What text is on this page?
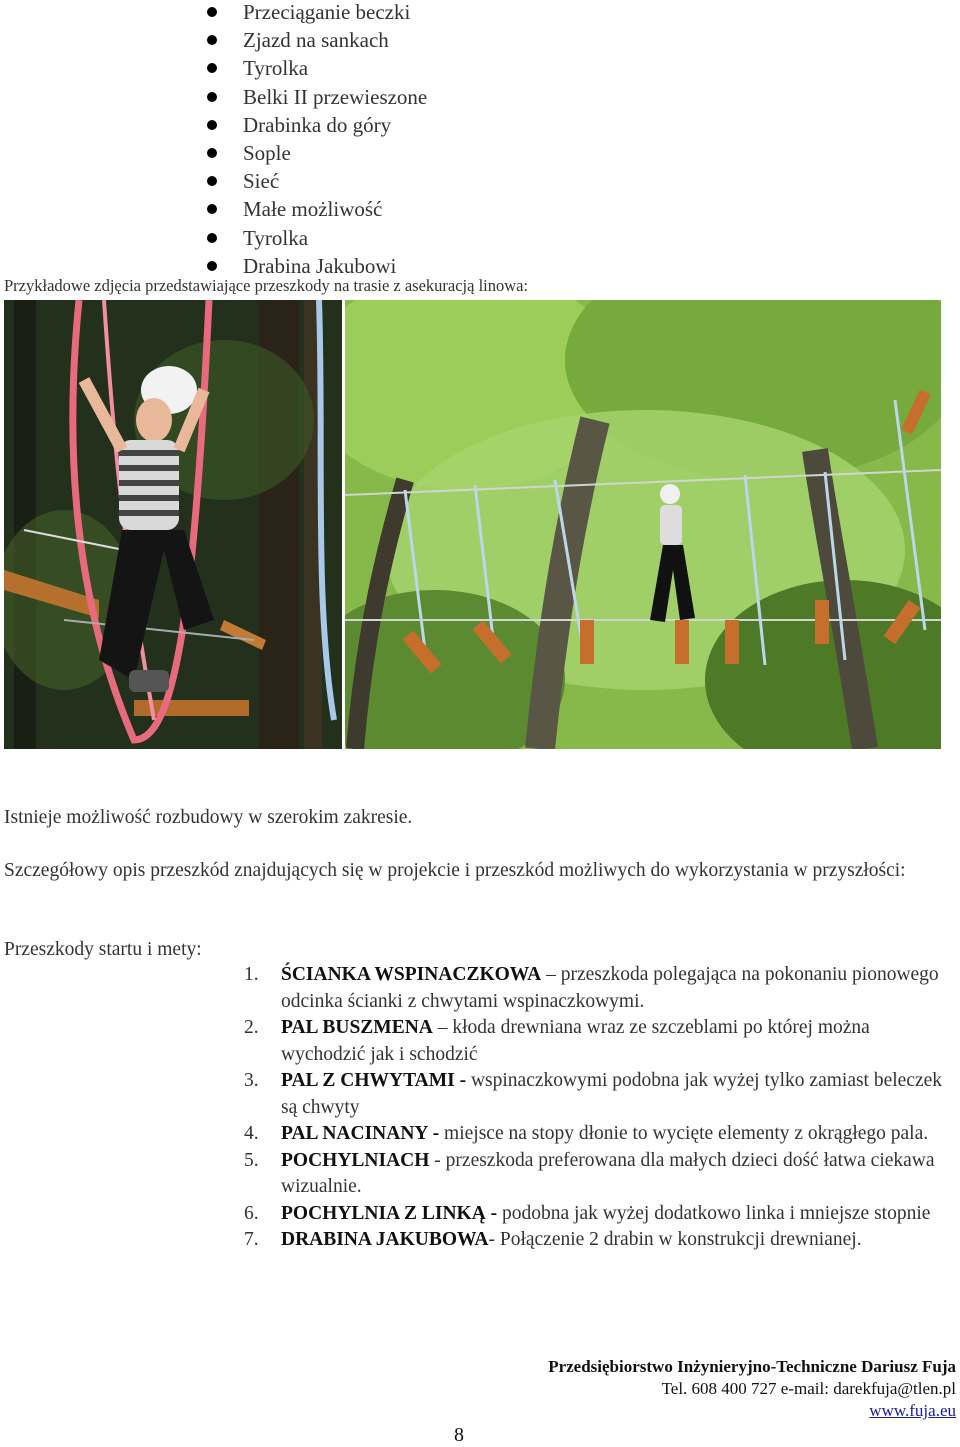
Przeciąganie beczki
Zjazd na sankach
Tyrolka
Belki II przewieszone
Drabinka do góry
Sople
Sieć
Małe możliwość
Tyrolka
Drabina Jakubowi
Przykładowe zdjęcia przedstawiające przeszkody na trasie z asekuracją linowa:

Istnieje możliwość rozbudowy w szerokim zakresie.

Szczegółowy opis przeszkód znajdujących się w projekcie i przeszkód możliwych do wykorzystania w przyszłości:

Przeszkody startu i mety:

1. ŚCIANKA WSPINACZKOWA – przeszkoda polegająca na pokonaniu pionowego odcinka ścianki z chwytami wspinaczkowymi.
2. PAL BUSZMENA – kłoda drewniana wraz ze szczeblami po której można wychodzić jak i schodzić
3. PAL Z CHWYTAMI - wspinaczkowymi podobna jak wyżej tylko zamiast beleczek są chwyty
4. PAL NACINANY - miejsce na stopy dłonie to wycięte elementy z okrągłego pala.
5. POCHYLNIACH - przeszkoda preferowana dla małych dzieci dość łatwa ciekawa wizualnie.
6. POCHYLNIA Z LINKĄ - podobna jak wyżej dodatkowo linka i mniejsze stopnie
7. DRABINA JAKUBOWA- Połączenie 2 drabin w konstrukcji drewnianej.
Przedsiębiorstwo Inżynieryjno-Techniczne Dariusz Fuja
Tel. 608 400 727 e-mail: darekfuja@tlen.pl
www.fuja.eu
8
